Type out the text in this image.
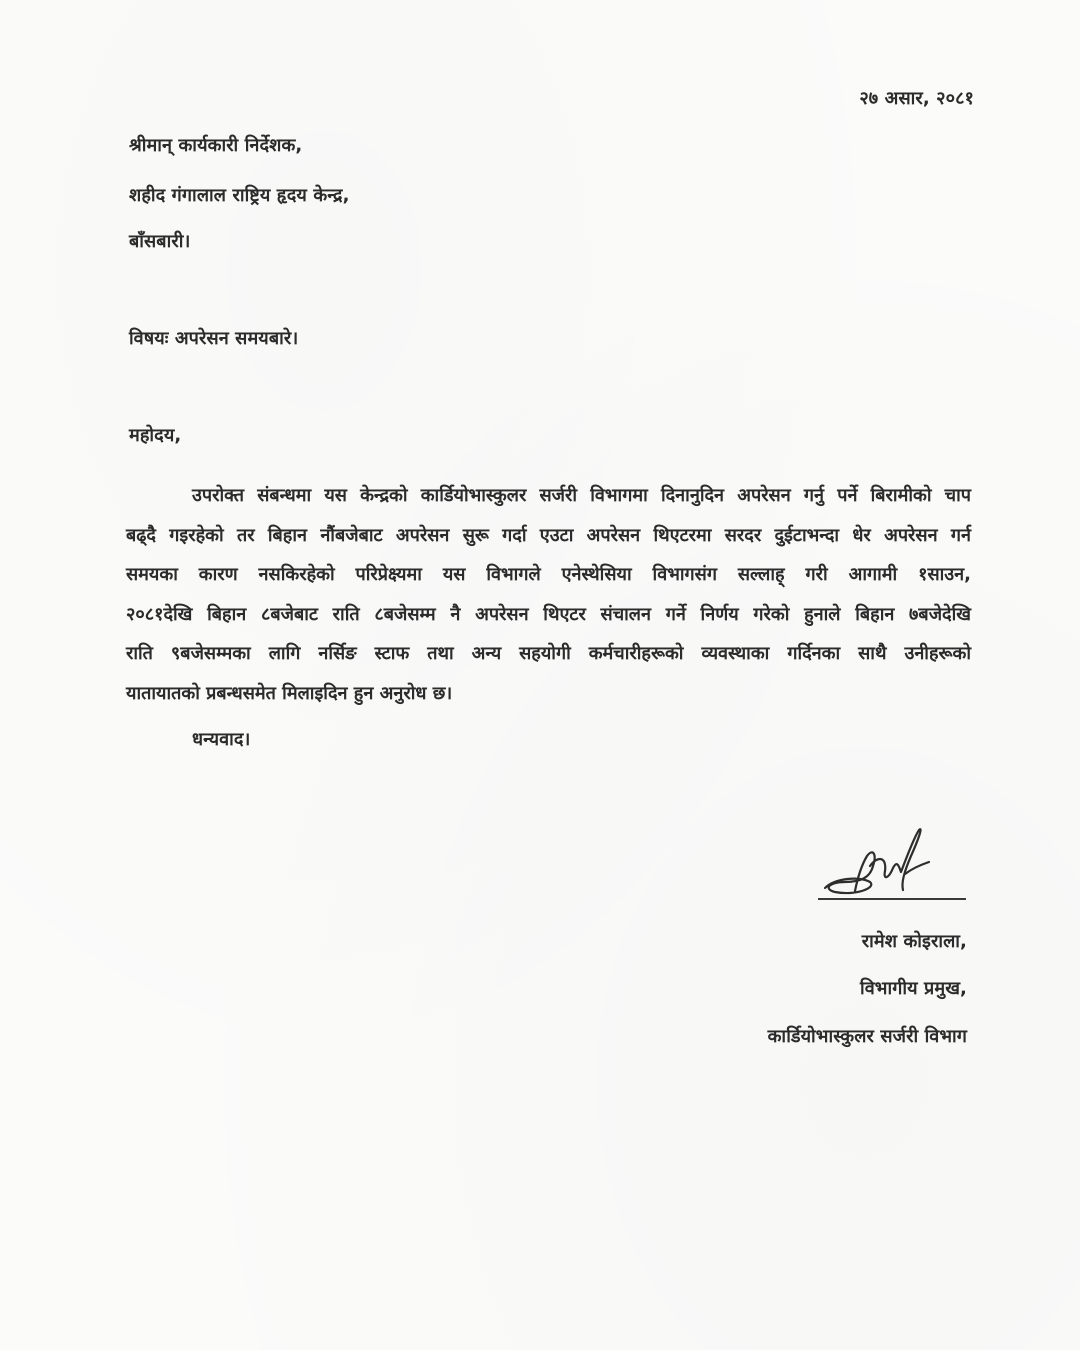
२७ असार, २०८१
श्रीमान् कार्यकारी निर्देशक,
शहीद गंगालाल राष्ट्रिय हृदय केन्द्र,
बाँसबारी।
विषयः अपरेसन समयबारे।
महोदय,
उपरोक्त संबन्धमा यस केन्द्रको कार्डियोभास्कुलर सर्जरी विभागमा दिनानुदिन अपरेसन गर्नु पर्ने बिरामीको चाप
बढ्दै गइरहेको तर बिहान नौंबजेबाट अपरेसन सुरू गर्दा एउटा अपरेसन थिएटरमा सरदर दुईटाभन्दा धेर अपरेसन गर्न
समयका कारण नसकिरहेको परिप्रेक्ष्यमा यस विभागले एनेस्थेसिया विभागसंग सल्लाह् गरी आगामी १साउन,
२०८१देखि बिहान ८बजेबाट राति ८बजेसम्म नै अपरेसन थिएटर संचालन गर्ने निर्णय गरेको हुनाले बिहान ७बजेदेखि
राति ९बजेसम्मका लागि नर्सिङ स्टाफ तथा अन्य सहयोगी कर्मचारीहरूको व्यवस्थाका गर्दिनका साथै उनीहरूको
यातायातको प्रबन्धसमेत मिलाइदिन हुन अनुरोध छ।
धन्यवाद।
रामेश कोइराला,
विभागीय प्रमुख,
कार्डियोभास्कुलर सर्जरी विभाग
